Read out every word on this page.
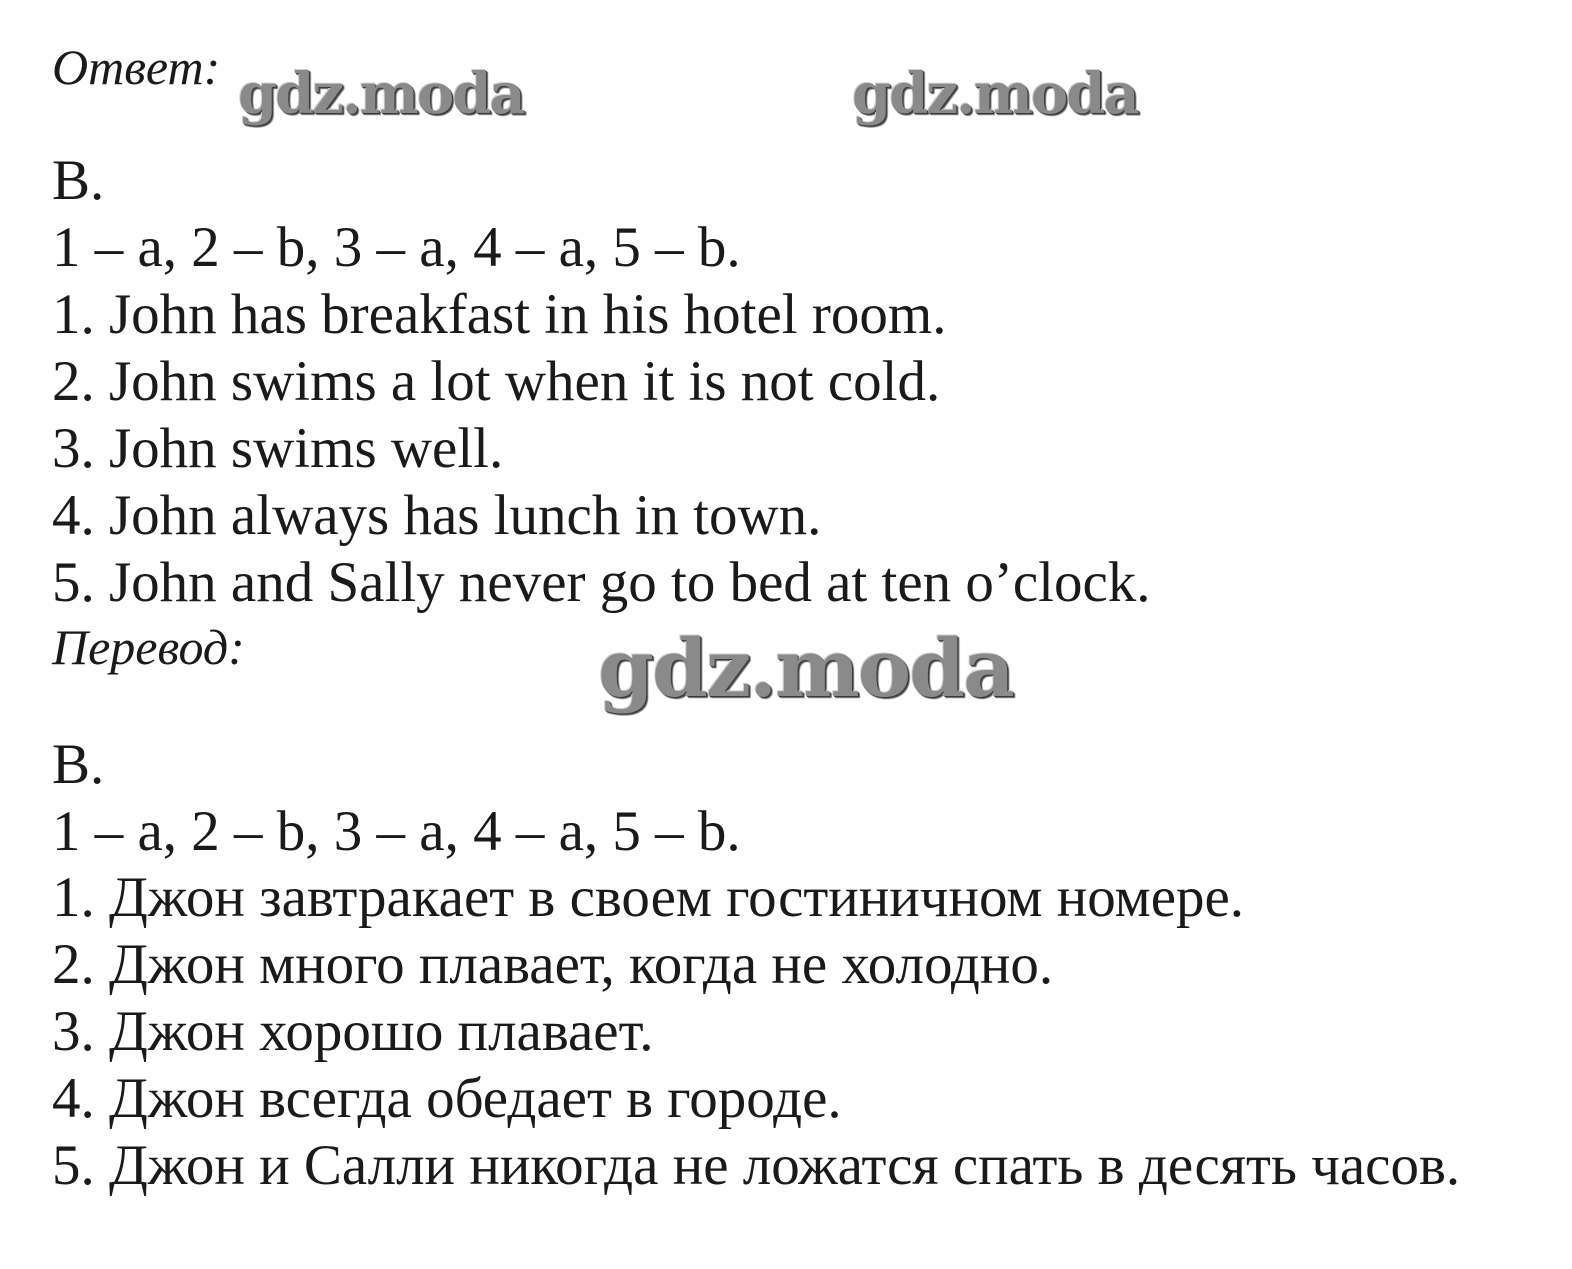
Ответ: gdz.moda	gdz.moda
gdz.moda
B.
1 – a, 2 – b, 3 – a, 4 – a, 5 – b.
1. John has breakfast in his hotel room.
2. John swims a lot when it is not cold.
3. John swims well.
4. John always has lunch in town.
5. John and Sally never go to bed at ten o’clock.
Перевод:
B.
1 – a, 2 – b, 3 – a, 4 – a, 5 – b.
1. Джон завтракает в своем гостиничном номере.
2. Джон много плавает, когда не холодно.
3. Джон хорошо плавает.
4. Джон всегда обедает в городе.
5. Джон и Салли никогда не ложатся спать в десять часов.
